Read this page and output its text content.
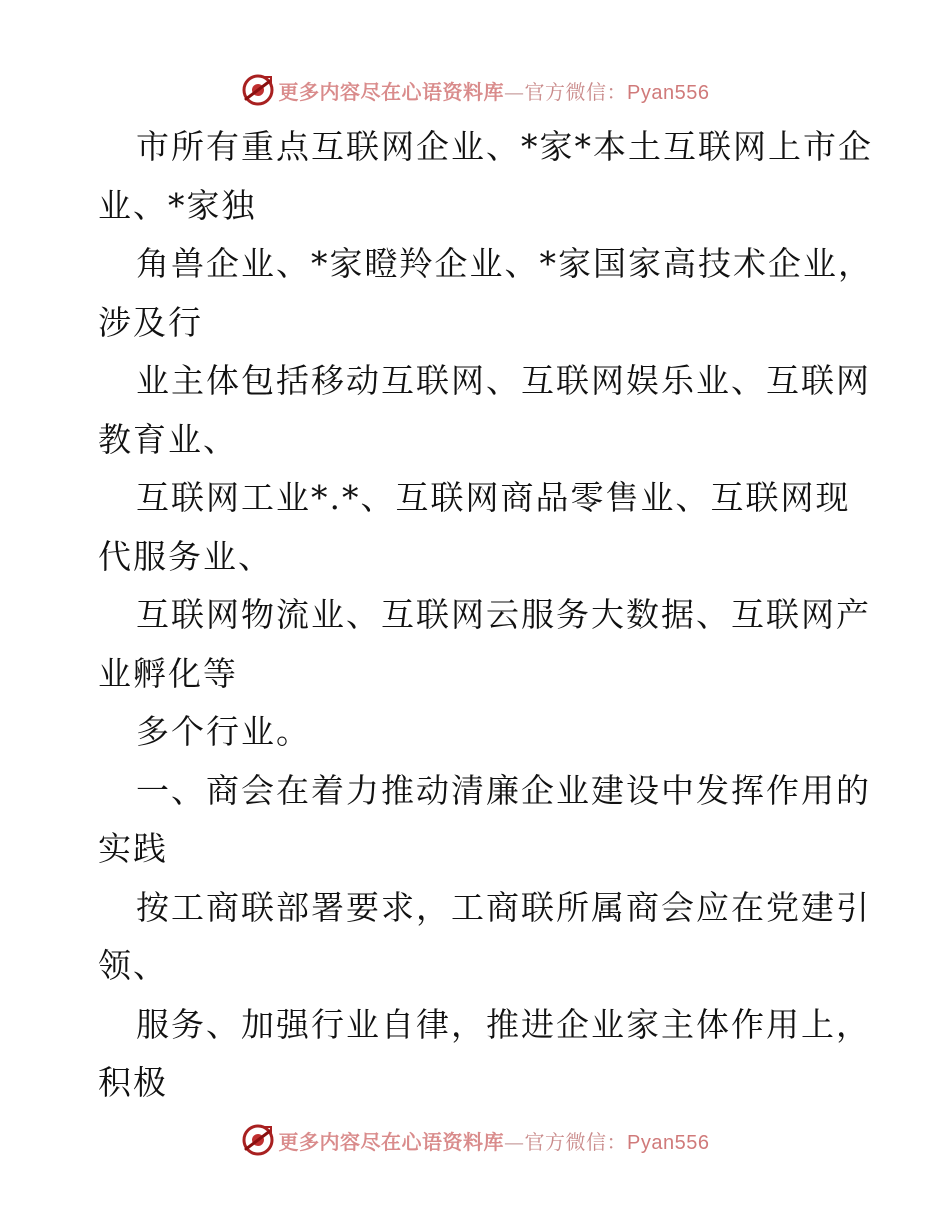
更多内容尽在心语资料库—官方微信：Pyan556
市所有重点互联网企业、*家*本土互联网上市企
业、*家独
角兽企业、*家瞪羚企业、*家国家高技术企业，
涉及行
业主体包括移动互联网、互联网娱乐业、互联网
教育业、
互联网工业*.*、互联网商品零售业、互联网现
代服务业、
互联网物流业、互联网云服务大数据、互联网产
业孵化等
多个行业。
一、商会在着力推动清廉企业建设中发挥作用的
实践
按工商联部署要求，工商联所属商会应在党建引
领、
服务、加强行业自律，推进企业家主体作用上，
积极
更多内容尽在心语资料库—官方微信：Pyan556
